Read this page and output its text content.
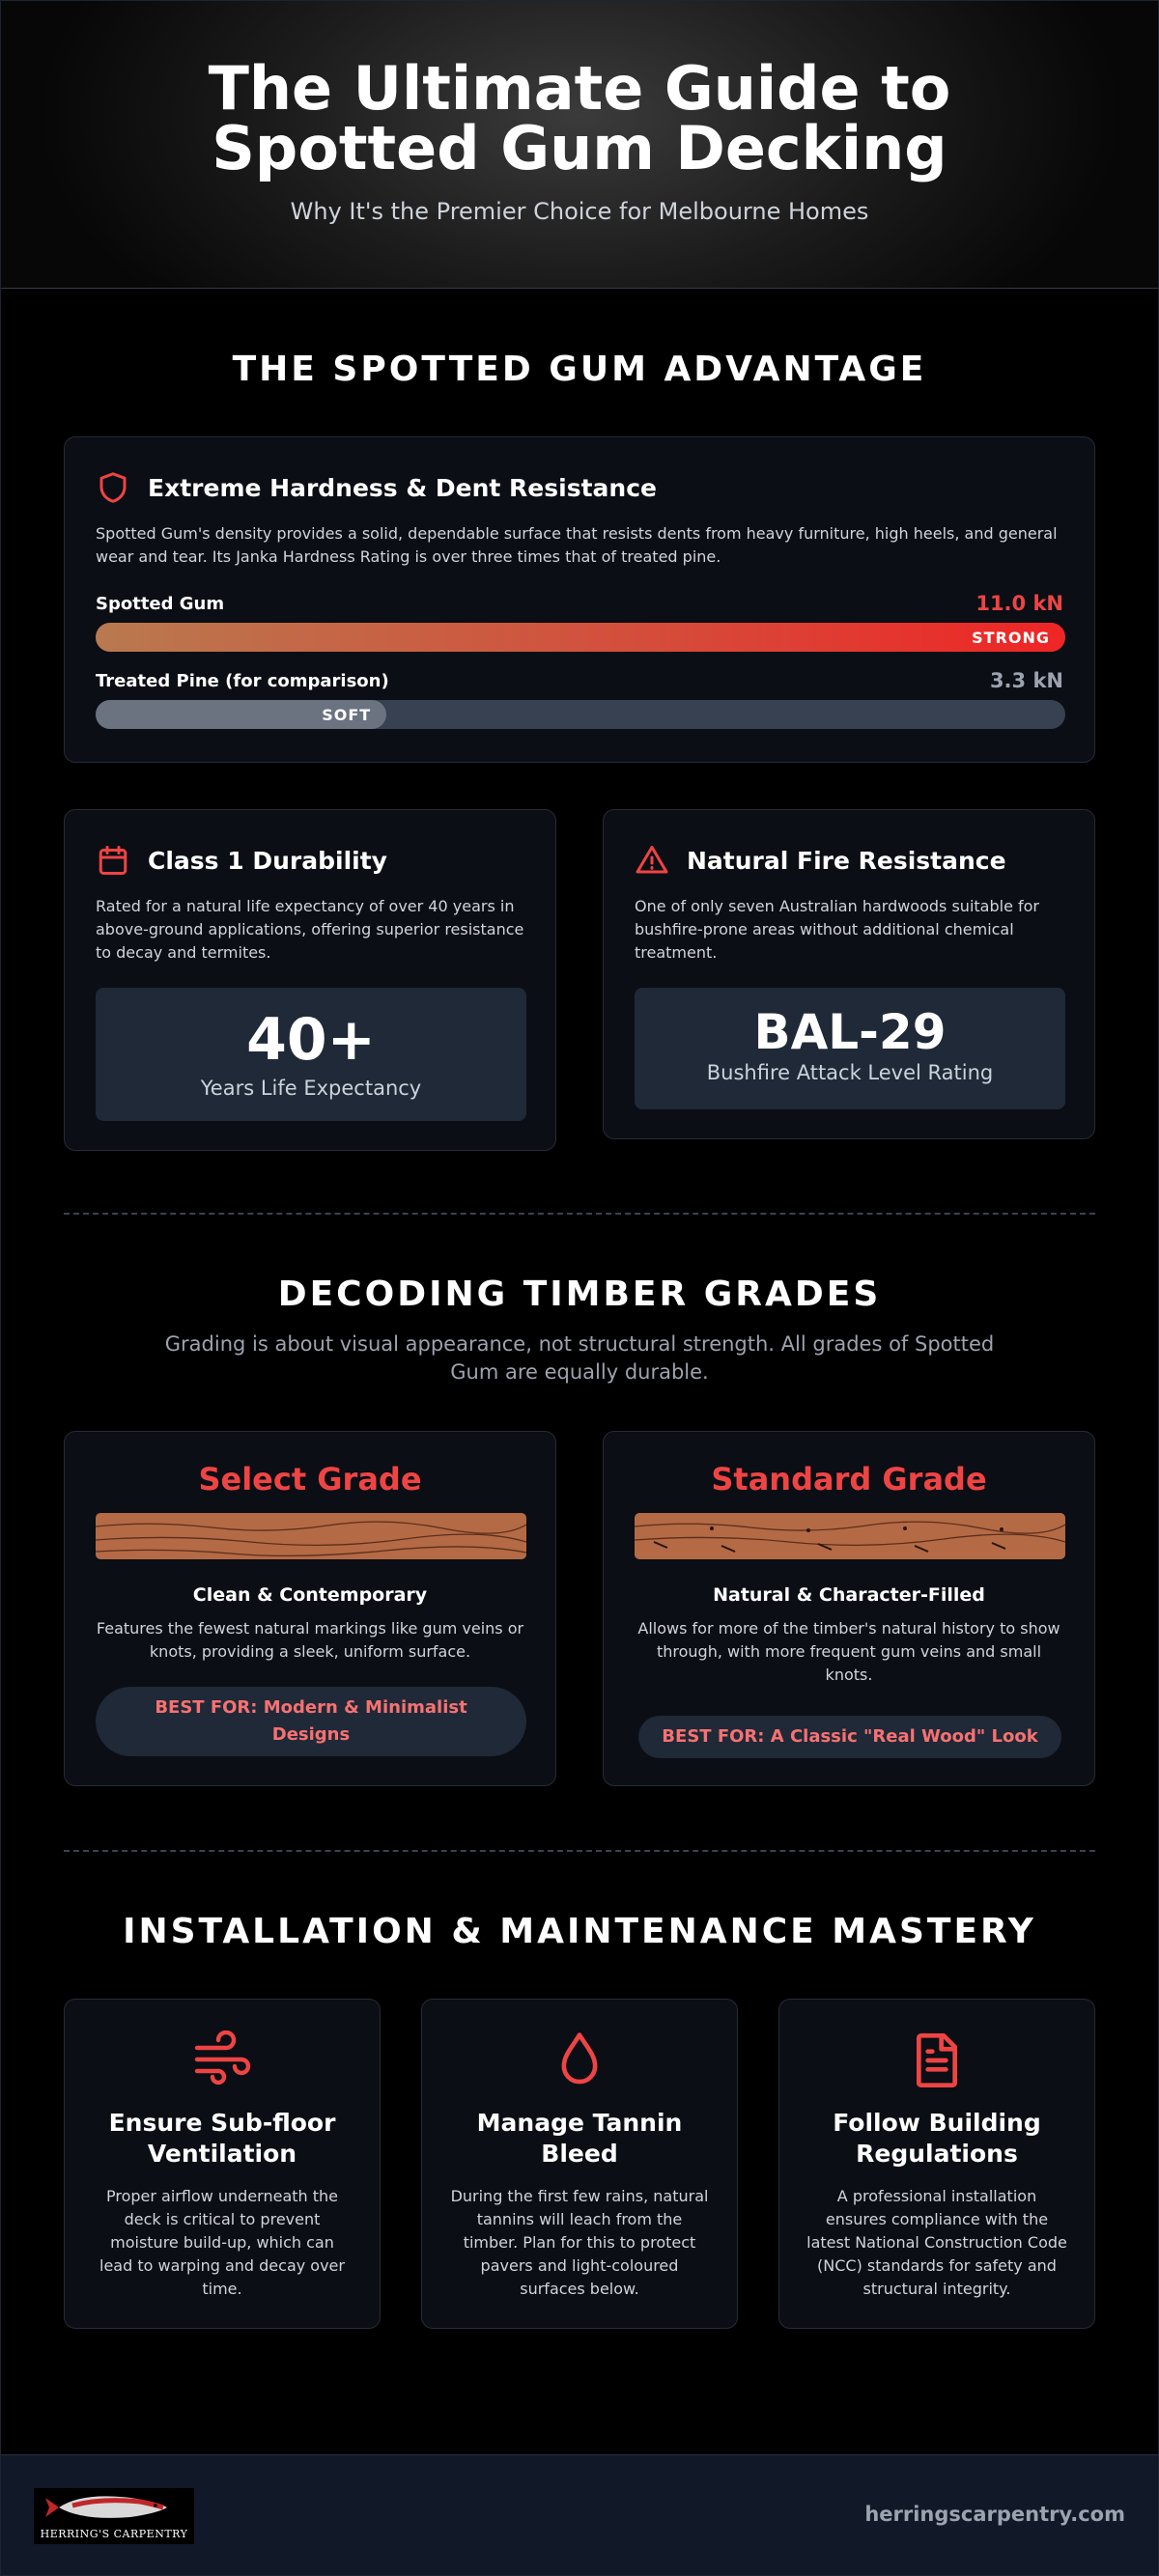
The Ultimate Guide to Spotted Gum Decking
Why It's the Premier Choice for Melbourne Homes
THE SPOTTED GUM ADVANTAGE
Extreme Hardness & Dent Resistance

Spotted Gum's density provides a solid, dependable surface that resists dents from heavy furniture, high heels, and general wear and tear. Its Janka Hardness Rating is over three times that of treated pine.

Spotted Gum	11.0 kN
STRONG
Treated Pine (for comparison)	3.3 kN
SOFT
Class 1 Durability

Rated for a natural life expectancy of over 40 years in above-ground applications, offering superior resistance to decay and termites.

40+
Years Life Expectancy
Natural Fire Resistance

One of only seven Australian hardwoods suitable for bushfire-prone areas without additional chemical treatment.

BAL-29
Bushfire Attack Level Rating
DECODING TIMBER GRADES
Grading is about visual appearance, not structural strength. All grades of Spotted Gum are equally durable.
Select Grade
Clean & Contemporary
Features the fewest natural markings like gum veins or knots, providing a sleek, uniform surface.
BEST FOR: Modern & Minimalist Designs
Standard Grade
Natural & Character-Filled
Allows for more of the timber's natural history to show through, with more frequent gum veins and small knots.
BEST FOR: A Classic "Real Wood" Look
INSTALLATION & MAINTENANCE MASTERY
Ensure Sub-floor Ventilation
Proper airflow underneath the deck is critical to prevent moisture build-up, which can lead to warping and decay over time.
Manage Tannin Bleed
During the first few rains, natural tannins will leach from the timber. Plan for this to protect pavers and light-coloured surfaces below.
Follow Building Regulations
A professional installation ensures compliance with the latest National Construction Code (NCC) standards for safety and structural integrity.
HERRING'S CARPENTRY
herringscarpentry.com
